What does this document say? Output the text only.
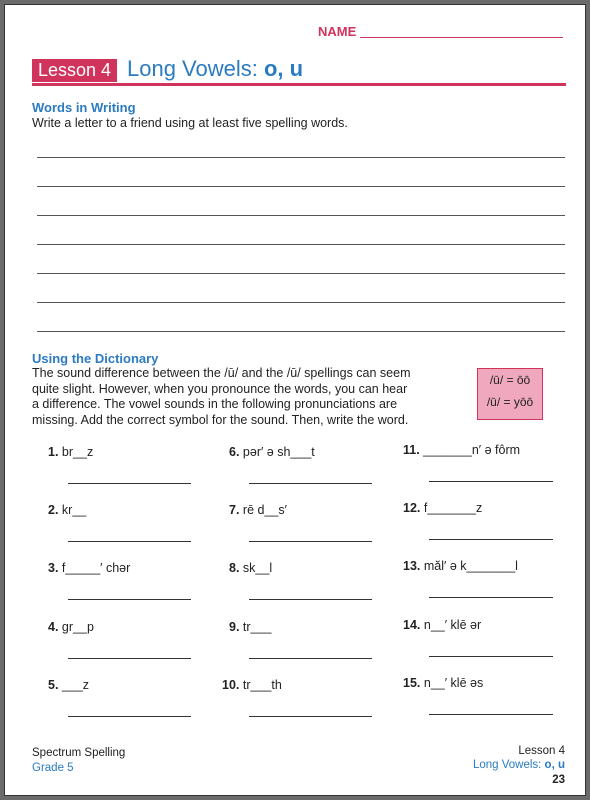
NAME
Lesson 4 Long Vowels: o, u
Words in Writing
Write a letter to a friend using at least five spelling words.
Using the Dictionary
The sound difference between the /ū/ and the /ū/ spellings can seem
quite slight. However, when you pronounce the words, you can hear
a difference. The vowel sounds in the following pronunciations are
missing. Add the correct symbol for the sound. Then, write the word.
/ū/ = ōō
/ū/ = yōō
1. br__z
2. kr__
3. f_____′ chər
4. gr__p
5. ___z
6. pər′ ə sh___t
7. rē d__s′
8. sk__l
9. tr___
10. tr___th
11. _______n′ ə fôrm
12. f_______z
13. măl′ ə k_______l
14. n__′ klē ər
15. n__′ klē əs
Spectrum Spelling
Grade 5
Lesson 4
Long Vowels: o, u
23
